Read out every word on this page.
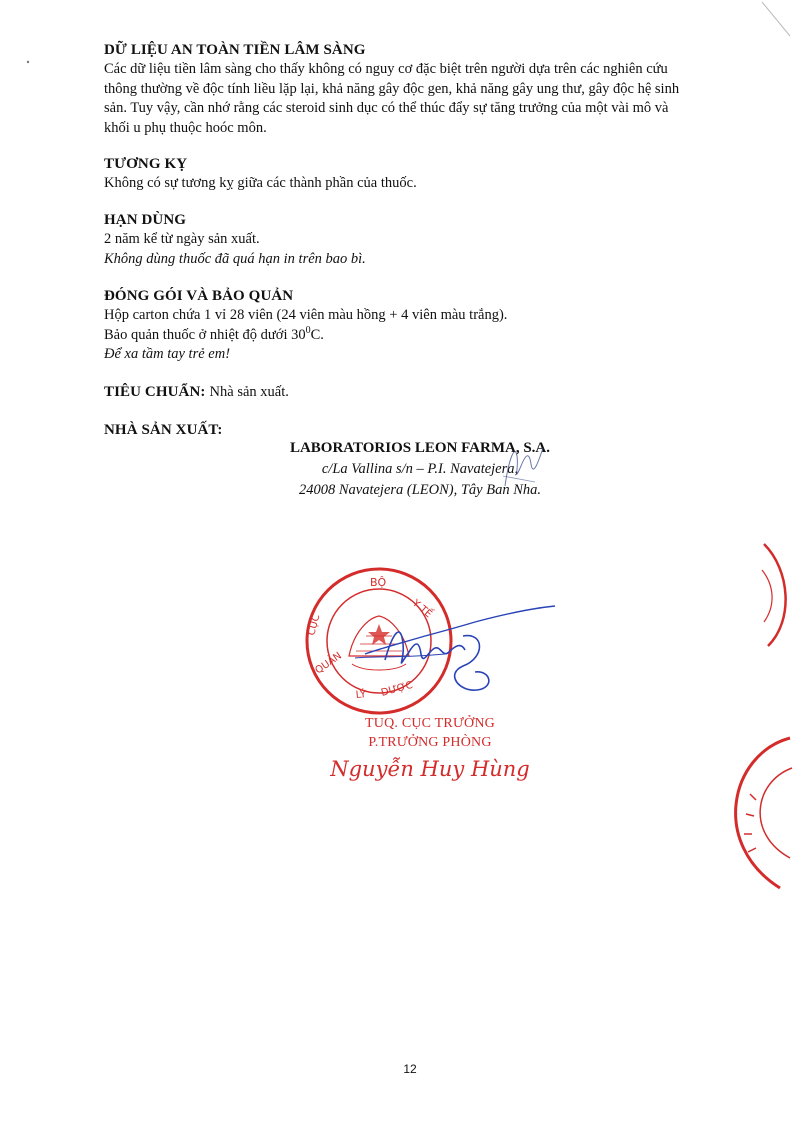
DỮ LIỆU AN TOÀN TIỀN LÂM SÀNG
Các dữ liệu tiền lâm sàng cho thấy không có nguy cơ đặc biệt trên người dựa trên các nghiên cứu
thông thường về độc tính liều lặp lại, khả năng gây độc gen, khả năng gây ung thư, gây độc hệ sinh
sản. Tuy vậy, cần nhớ rằng các steroid sinh dục có thể thúc đẩy sự tăng trưởng của một vài mô và
khối u phụ thuộc hoóc môn.
TƯƠNG KỴ
Không có sự tương kỵ giữa các thành phần của thuốc.
HẠN DÙNG
2 năm kể từ ngày sản xuất.
Không dùng thuốc đã quá hạn in trên bao bì.
ĐÓNG GÓI VÀ BẢO QUẢN
Hộp carton chứa 1 vỉ 28 viên (24 viên màu hồng + 4 viên màu trắng).
Bảo quản thuốc ở nhiệt độ dưới $30^0C$.
Để xa tầm tay trẻ em!
TIÊU CHUẨN: Nhà sản xuất.
NHÀ SẢN XUẤT:
LABORATORIOS LEON FARMA, S.A.
c/La Vallina s/n – P.I. Navatejera,
24008 Navatejera (LEON), Tây Ban Nha.
BỘ
Y TẾ
CỤC
QUẢN
LÝ DƯỢC
TUQ. CỤC TRƯỞNG
P.TRƯỞNG PHÒNG
Nguyễn Huy Hùng
12
